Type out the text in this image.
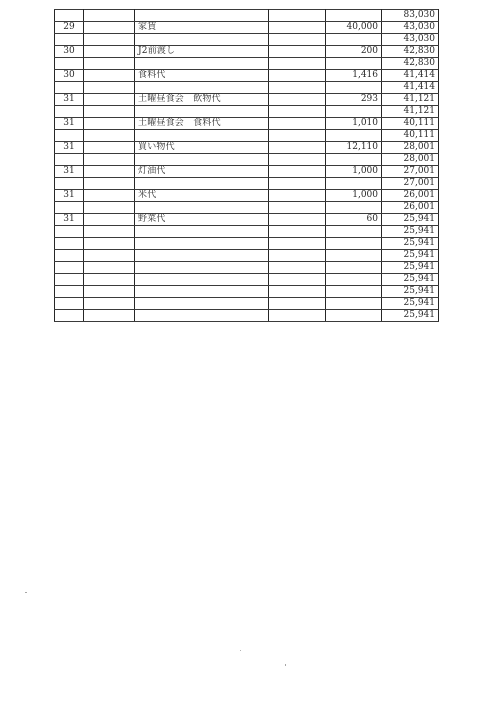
					83,030
29		家賃		40,000	43,030
					43,030
30		J2前渡し		200	42,830
					42,830
30		食料代		1,416	41,414
					41,414
31		土曜昼食会　飲物代		293	41,121
					41,121
31		土曜昼食会　食料代		1,010	40,111
					40,111
31		買い物代		12,110	28,001
					28,001
31		灯油代		1,000	27,001
					27,001
31		米代		1,000	26,001
					26,001
31		野菜代		60	25,941
					25,941
					25,941
					25,941
					25,941
					25,941
					25,941
					25,941
					25,941
